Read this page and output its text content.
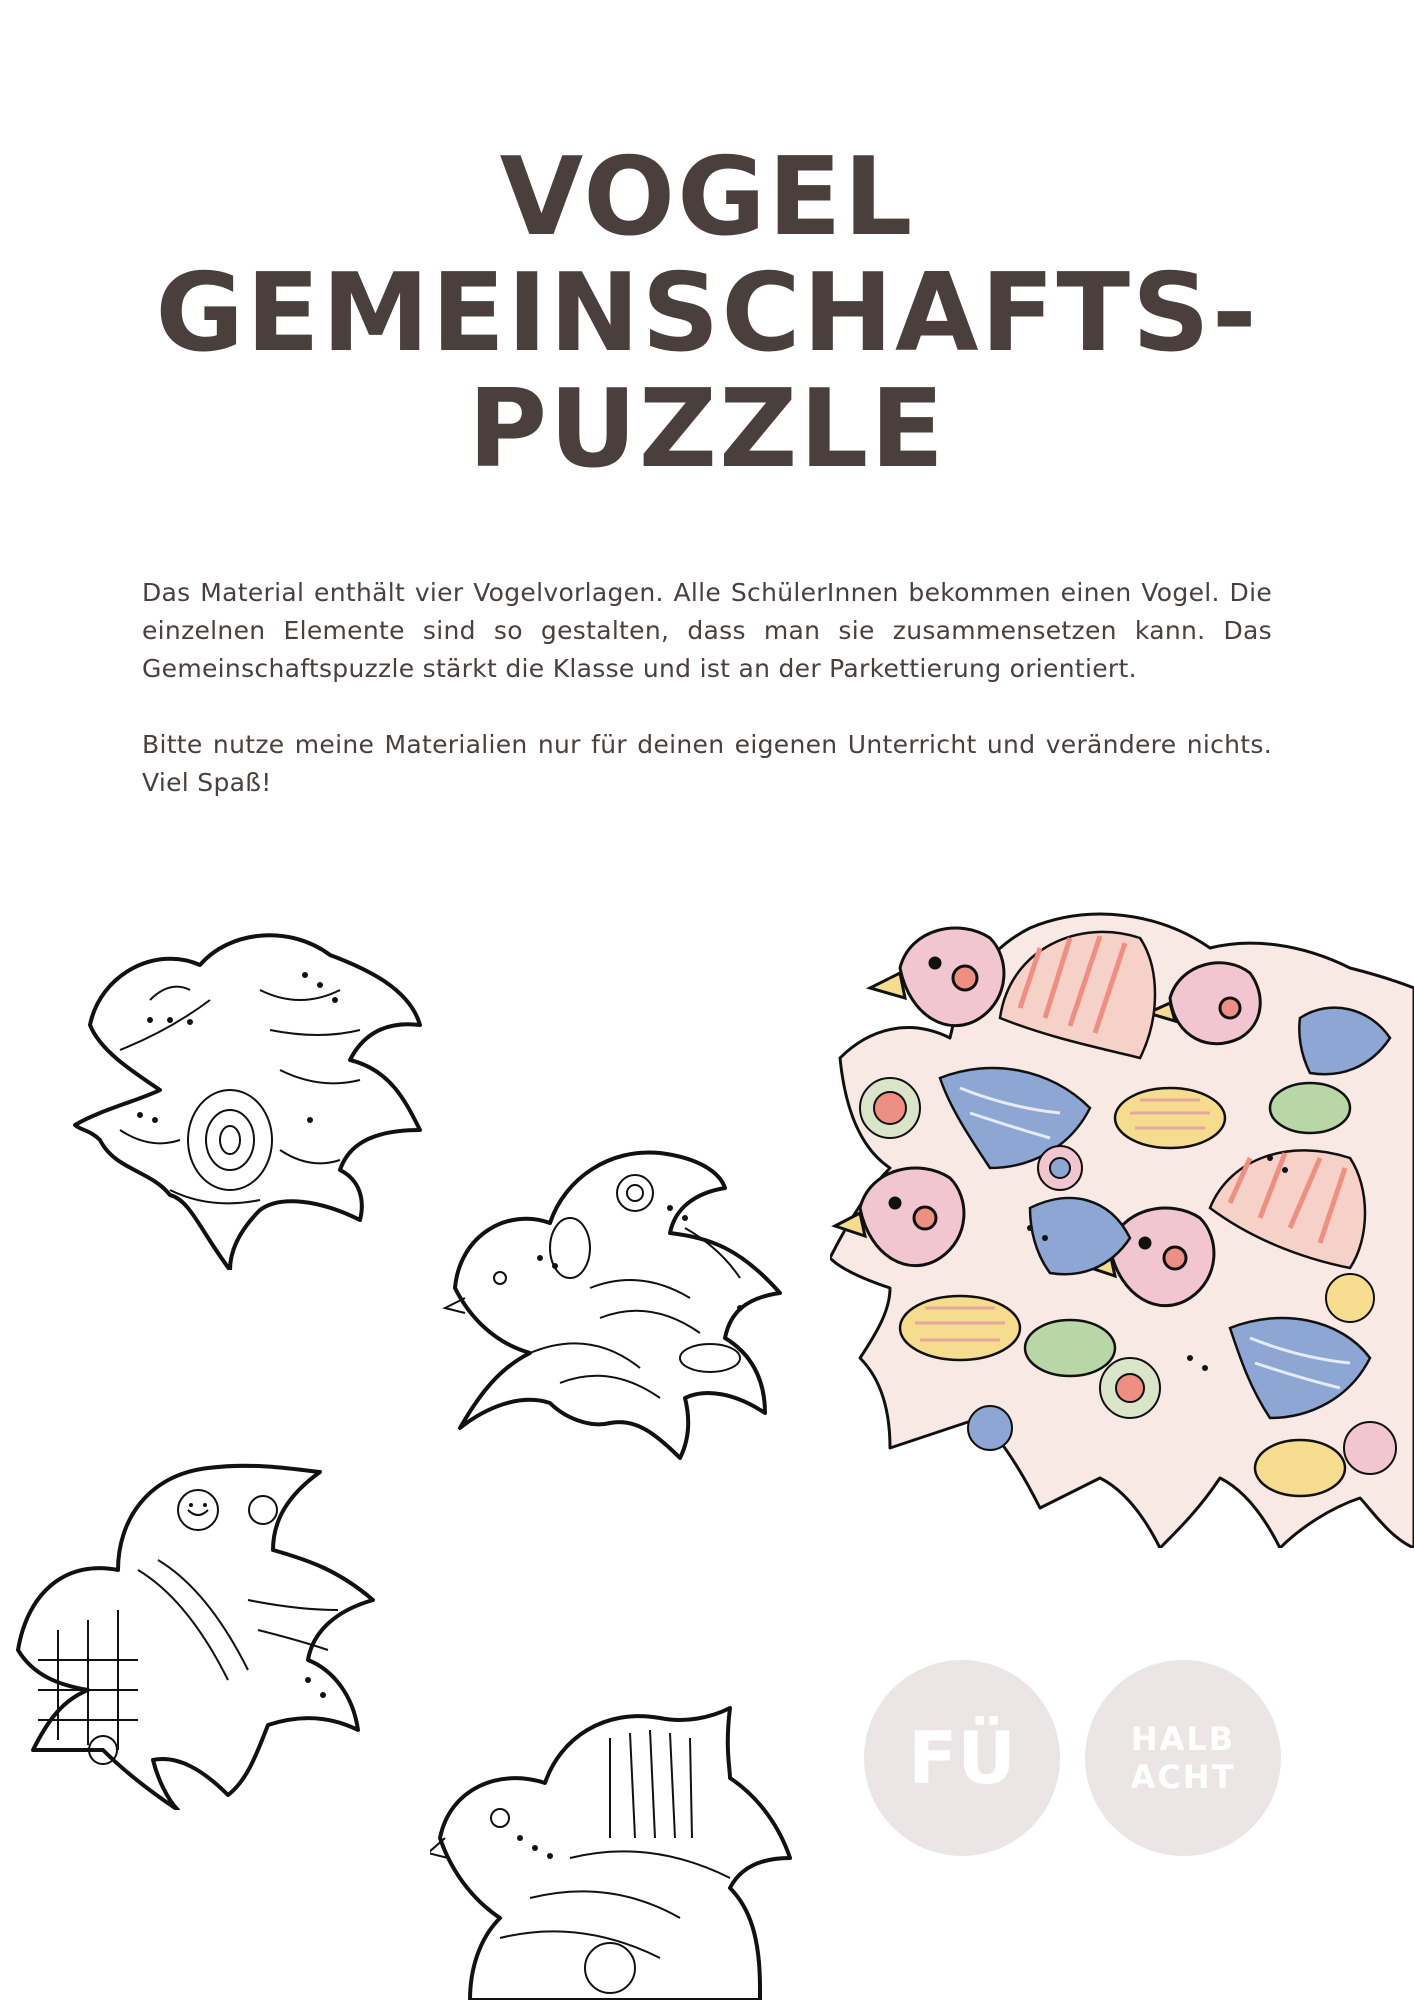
VOGEL
GEMEINSCHAFTS-
PUZZLE

Das Material enthält vier Vogelvorlagen. Alle SchülerInnen bekommen einen Vogel. Die einzelnen Elemente sind so gestalten, dass man sie zusammensetzen kann. Das Gemeinschaftspuzzle stärkt die Klasse und ist an der Parkettierung orientiert.

Bitte nutze meine Materialien nur für deinen eigenen Unterricht und verändere nichts. Viel Spaß!

FÜ	HALB
ACHT
